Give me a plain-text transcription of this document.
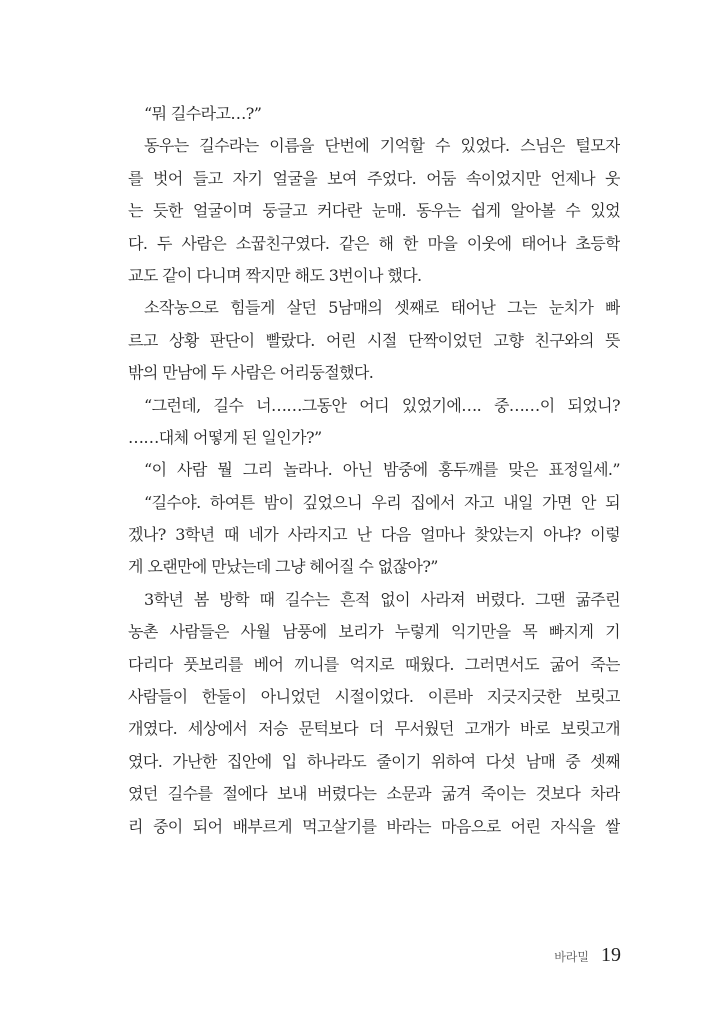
“뭐 길수라고…?”
동우는 길수라는 이름을 단번에 기억할 수 있었다. 스님은 털모자
를 벗어 들고 자기 얼굴을 보여 주었다. 어둠 속이었지만 언제나 웃
는 듯한 얼굴이며 둥글고 커다란 눈매. 동우는 쉽게 알아볼 수 있었
다. 두 사람은 소꿉친구였다. 같은 해 한 마을 이웃에 태어나 초등학
교도 같이 다니며 짝지만 해도 3번이나 했다.
소작농으로 힘들게 살던 5남매의 셋째로 태어난 그는 눈치가 빠
르고 상황 판단이 빨랐다. 어린 시절 단짝이었던 고향 친구와의 뜻
밖의 만남에 두 사람은 어리둥절했다.
“그런데, 길수 너……그동안 어디 있었기에…. 중……이 되었니?
……대체 어떻게 된 일인가?”
“이 사람 뭘 그리 놀라나. 아닌 밤중에 홍두깨를 맞은 표정일세.”
“길수야. 하여튼 밤이 깊었으니 우리 집에서 자고 내일 가면 안 되
겠나? 3학년 때 네가 사라지고 난 다음 얼마나 찾았는지 아냐? 이렇
게 오랜만에 만났는데 그냥 헤어질 수 없잖아?”
3학년 봄 방학 때 길수는 흔적 없이 사라져 버렸다. 그땐 굶주린
농촌 사람들은 사월 남풍에 보리가 누렇게 익기만을 목 빠지게 기
다리다 풋보리를 베어 끼니를 억지로 때웠다. 그러면서도 굶어 죽는
사람들이 한둘이 아니었던 시절이었다. 이른바 지긋지긋한 보릿고
개였다. 세상에서 저승 문턱보다 더 무서웠던 고개가 바로 보릿고개
였다. 가난한 집안에 입 하나라도 줄이기 위하여 다섯 남매 중 셋째
였던 길수를 절에다 보내 버렸다는 소문과 굶겨 죽이는 것보다 차라
리 중이 되어 배부르게 먹고살기를 바라는 마음으로 어린 자식을 쌀
바라밀 19
